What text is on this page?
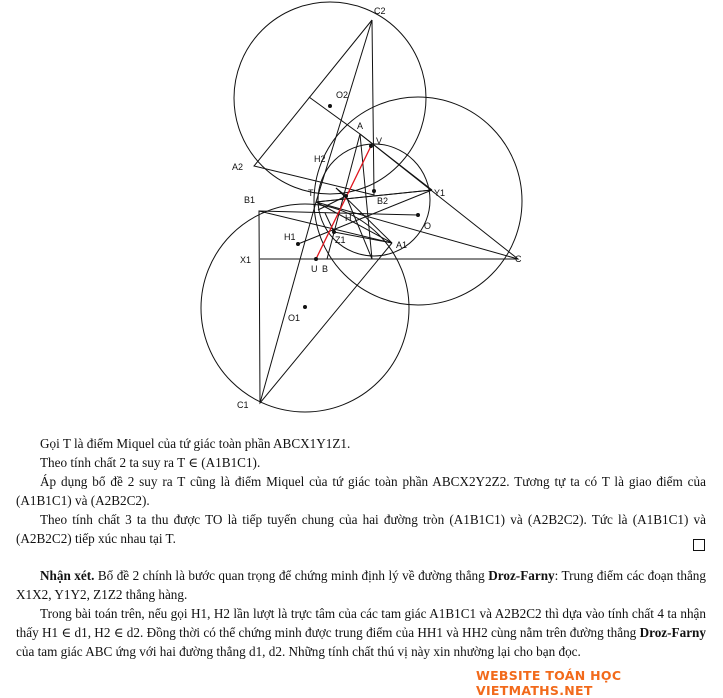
C2
O2
A
V
H2
A2
T	Y1
B2
B1
H
O
H1	Z1	A1
X1
U B
C
O1
C1

Gọi T là điểm Miquel của tứ giác toàn phần ABCX1Y1Z1.

Theo tính chất 2 ta suy ra T ∈ (A1B1C1).

Áp dụng bổ đề 2 suy ra T cũng là điểm Miquel của tứ giác toàn phần ABCX2Y2Z2. Tương tự ta có T là giao điểm của (A1B1C1) và (A2B2C2).

Theo tính chất 3 ta thu được TO là tiếp tuyến chung của hai đường tròn (A1B1C1) và (A2B2C2). Tức là (A1B1C1) và (A2B2C2) tiếp xúc nhau tại T.

Nhận xét. Bổ đề 2 chính là bước quan trọng để chứng minh định lý về đường thẳng Droz-Farny: Trung điểm các đoạn thẳng X1X2, Y1Y2, Z1Z2 thẳng hàng.

Trong bài toán trên, nếu gọi H1, H2 lần lượt là trực tâm của các tam giác A1B1C1 và A2B2C2 thì dựa vào tính chất 4 ta nhận thấy H1 ∈ d1, H2 ∈ d2. Đồng thời có thể chứng minh được trung điểm của HH1 và HH2 cùng nằm trên đường thẳng Droz-Farny của tam giác ABC ứng với hai đường thẳng d1, d2. Những tính chất thú vị này xin nhường lại cho bạn đọc.

WEBSITE TOÁN HỌC VIETMATHS.NET
